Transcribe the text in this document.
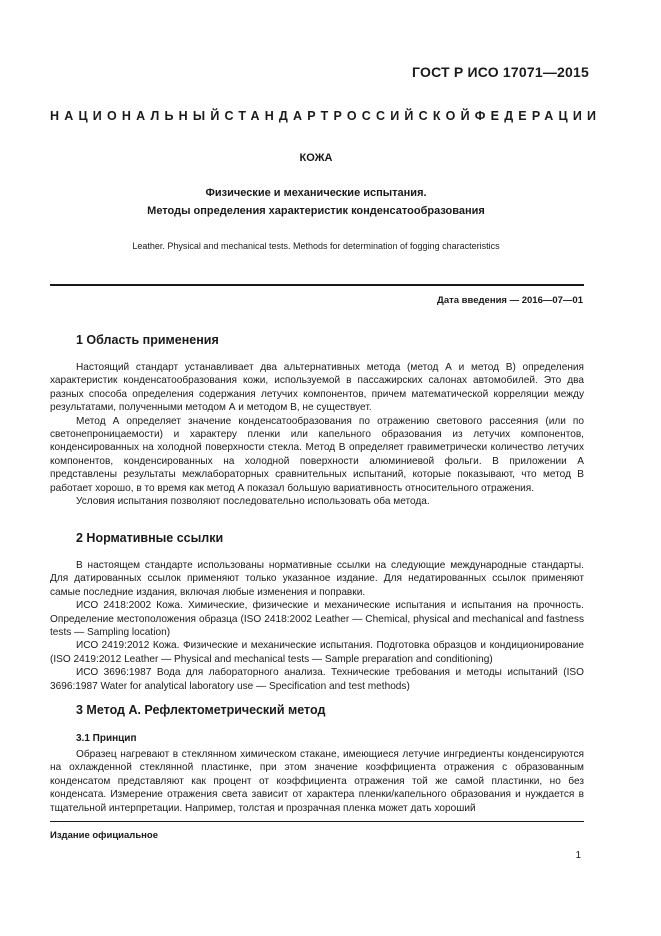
ГОСТ Р ИСО 17071—2015
НАЦИОНАЛЬНЫЙ СТАНДАРТ РОССИЙСКОЙ ФЕДЕРАЦИИ
КОЖА
Физические и механические испытания.
Методы определения характеристик конденсатообразования
Leather. Physical and mechanical tests. Methods for determination of fogging characteristics
Дата введения — 2016—07—01
1 Область применения

Настоящий стандарт устанавливает два альтернативных метода (метод А и метод В) определения характеристик конденсатообразования кожи, используемой в пассажирских салонах автомобилей. Это два разных способа определения содержания летучих компонентов, причем математической корреляции между результатами, полученными методом А и методом В, не существует.

Метод А определяет значение конденсатообразования по отражению светового рассеяния (или по светонепроницаемости) и характеру пленки или капельного образования из летучих компонентов, конденсированных на холодной поверхности стекла. Метод В определяет гравиметрически количество летучих компонентов, конденсированных на холодной поверхности алюминиевой фольги. В приложении А представлены результаты межлабораторных сравнительных испытаний, которые показывают, что метод В работает хорошо, в то время как метод А показал большую вариативность относительного отражения.

Условия испытания позволяют последовательно использовать оба метода.

2 Нормативные ссылки

В настоящем стандарте использованы нормативные ссылки на следующие международные стандарты. Для датированных ссылок применяют только указанное издание. Для недатированных ссылок применяют самые последние издания, включая любые изменения и поправки.

ИСО 2418:2002 Кожа. Химические, физические и механические испытания и испытания на прочность. Определение местоположения образца (ISO 2418:2002 Leather — Chemical, physical and mechanical and fastness tests — Sampling location)

ИСО 2419:2012 Кожа. Физические и механические испытания. Подготовка образцов и кондиционирование (ISO 2419:2012 Leather — Physical and mechanical tests — Sample preparation and conditioning)

ИСО 3696:1987 Вода для лабораторного анализа. Технические требования и методы испытаний (ISO 3696:1987 Water for analytical laboratory use — Specification and test methods)

3 Метод А. Рефлектометрический метод
3.1 Принцип

Образец нагревают в стеклянном химическом стакане, имеющиеся летучие ингредиенты конденсируются на охлажденной стеклянной пластинке, при этом значение коэффициента отражения с образованным конденсатом представляют как процент от коэффициента отражения той же самой пластинки, но без конденсата. Измерение отражения света зависит от характера пленки/капельного образования и нуждается в тщательной интерпретации. Например, толстая и прозрачная пленка может дать хороший

Издание официальное
1
